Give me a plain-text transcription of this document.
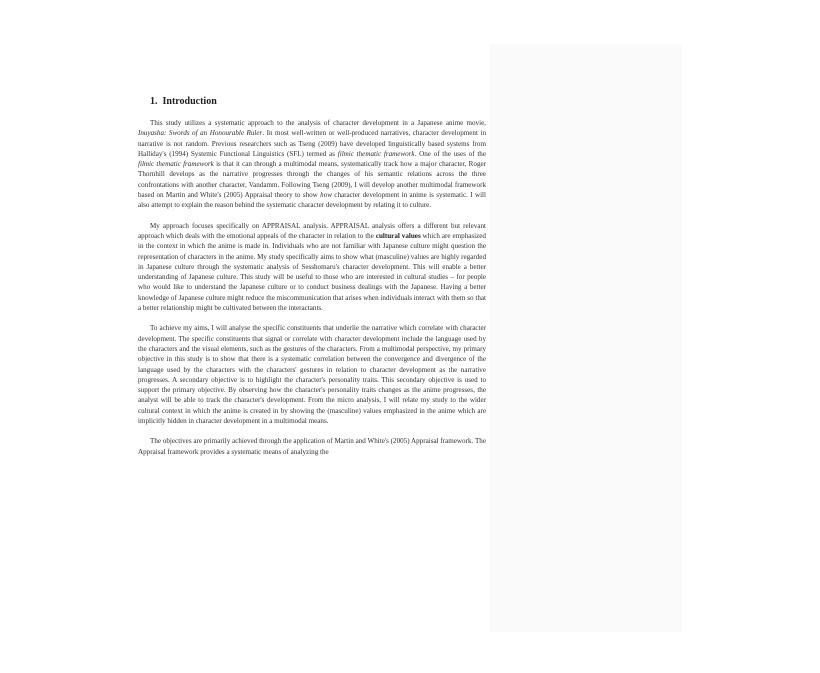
1. Introduction

This study utilizes a systematic approach to the analysis of character development in a Japanese anime movie, Inuyasha: Swords of an Honourable Ruler. In most well-written or well-produced narratives, character development in narrative is not random. Previous researchers such as Tseng (2009) have developed linguistically based systems from Halliday's (1994) Systemic Functional Linguistics (SFL) termed as filmic thematic framework. One of the uses of the filmic thematic framework is that it can through a multimodal means, systematically track how a major character, Roger Thornhill develops as the narrative progresses through the changes of his semantic relations across the three confrontations with another character, Vandamm. Following Tseng (2009), I will develop another multimodal framework based on Martin and White's (2005) Appraisal theory to show how character development in anime is systematic. I will also attempt to explain the reason behind the systematic character development by relating it to culture.

My approach focuses specifically on APPRAISAL analysis. APPRAISAL analysis offers a different but relevant approach which deals with the emotional appeals of the character in relation to the cultural values which are emphasized in the context in which the anime is made in. Individuals who are not familiar with Japanese culture might question the representation of characters in the anime. My study specifically aims to show what (masculine) values are highly regarded in Japanese culture through the systematic analysis of Sesshomaru's character development. This will enable a better understanding of Japanese culture. This study will be useful to those who are interested in cultural studies – for people who would like to understand the Japanese culture or to conduct business dealings with the Japanese. Having a better knowledge of Japanese culture might reduce the miscommunication that arises when individuals interact with them so that a better relationship might be cultivated between the interactants.

To achieve my aims, I will analyse the specific constituents that underlie the narrative which correlate with character development. The specific constituents that signal or correlate with character development include the language used by the characters and the visual elements, such as the gestures of the characters. From a multimodal perspective, my primary objective in this study is to show that there is a systematic correlation between the convergence and divergence of the language used by the characters with the characters' gestures in relation to character development as the narrative progresses. A secondary objective is to highlight the character's personality traits. This secondary objective is used to support the primary objective. By observing how the character's personality traits changes as the anime progresses, the analyst will be able to track the character's development. From the micro analysis, I will relate my study to the wider cultural context in which the anime is created in by showing the (masculine) values emphasized in the anime which are implicitly hidden in character development in a multimodal means.

The objectives are primarily achieved through the application of Martin and White's (2005) Appraisal framework. The Appraisal framework provides a systematic means of analyzing the
